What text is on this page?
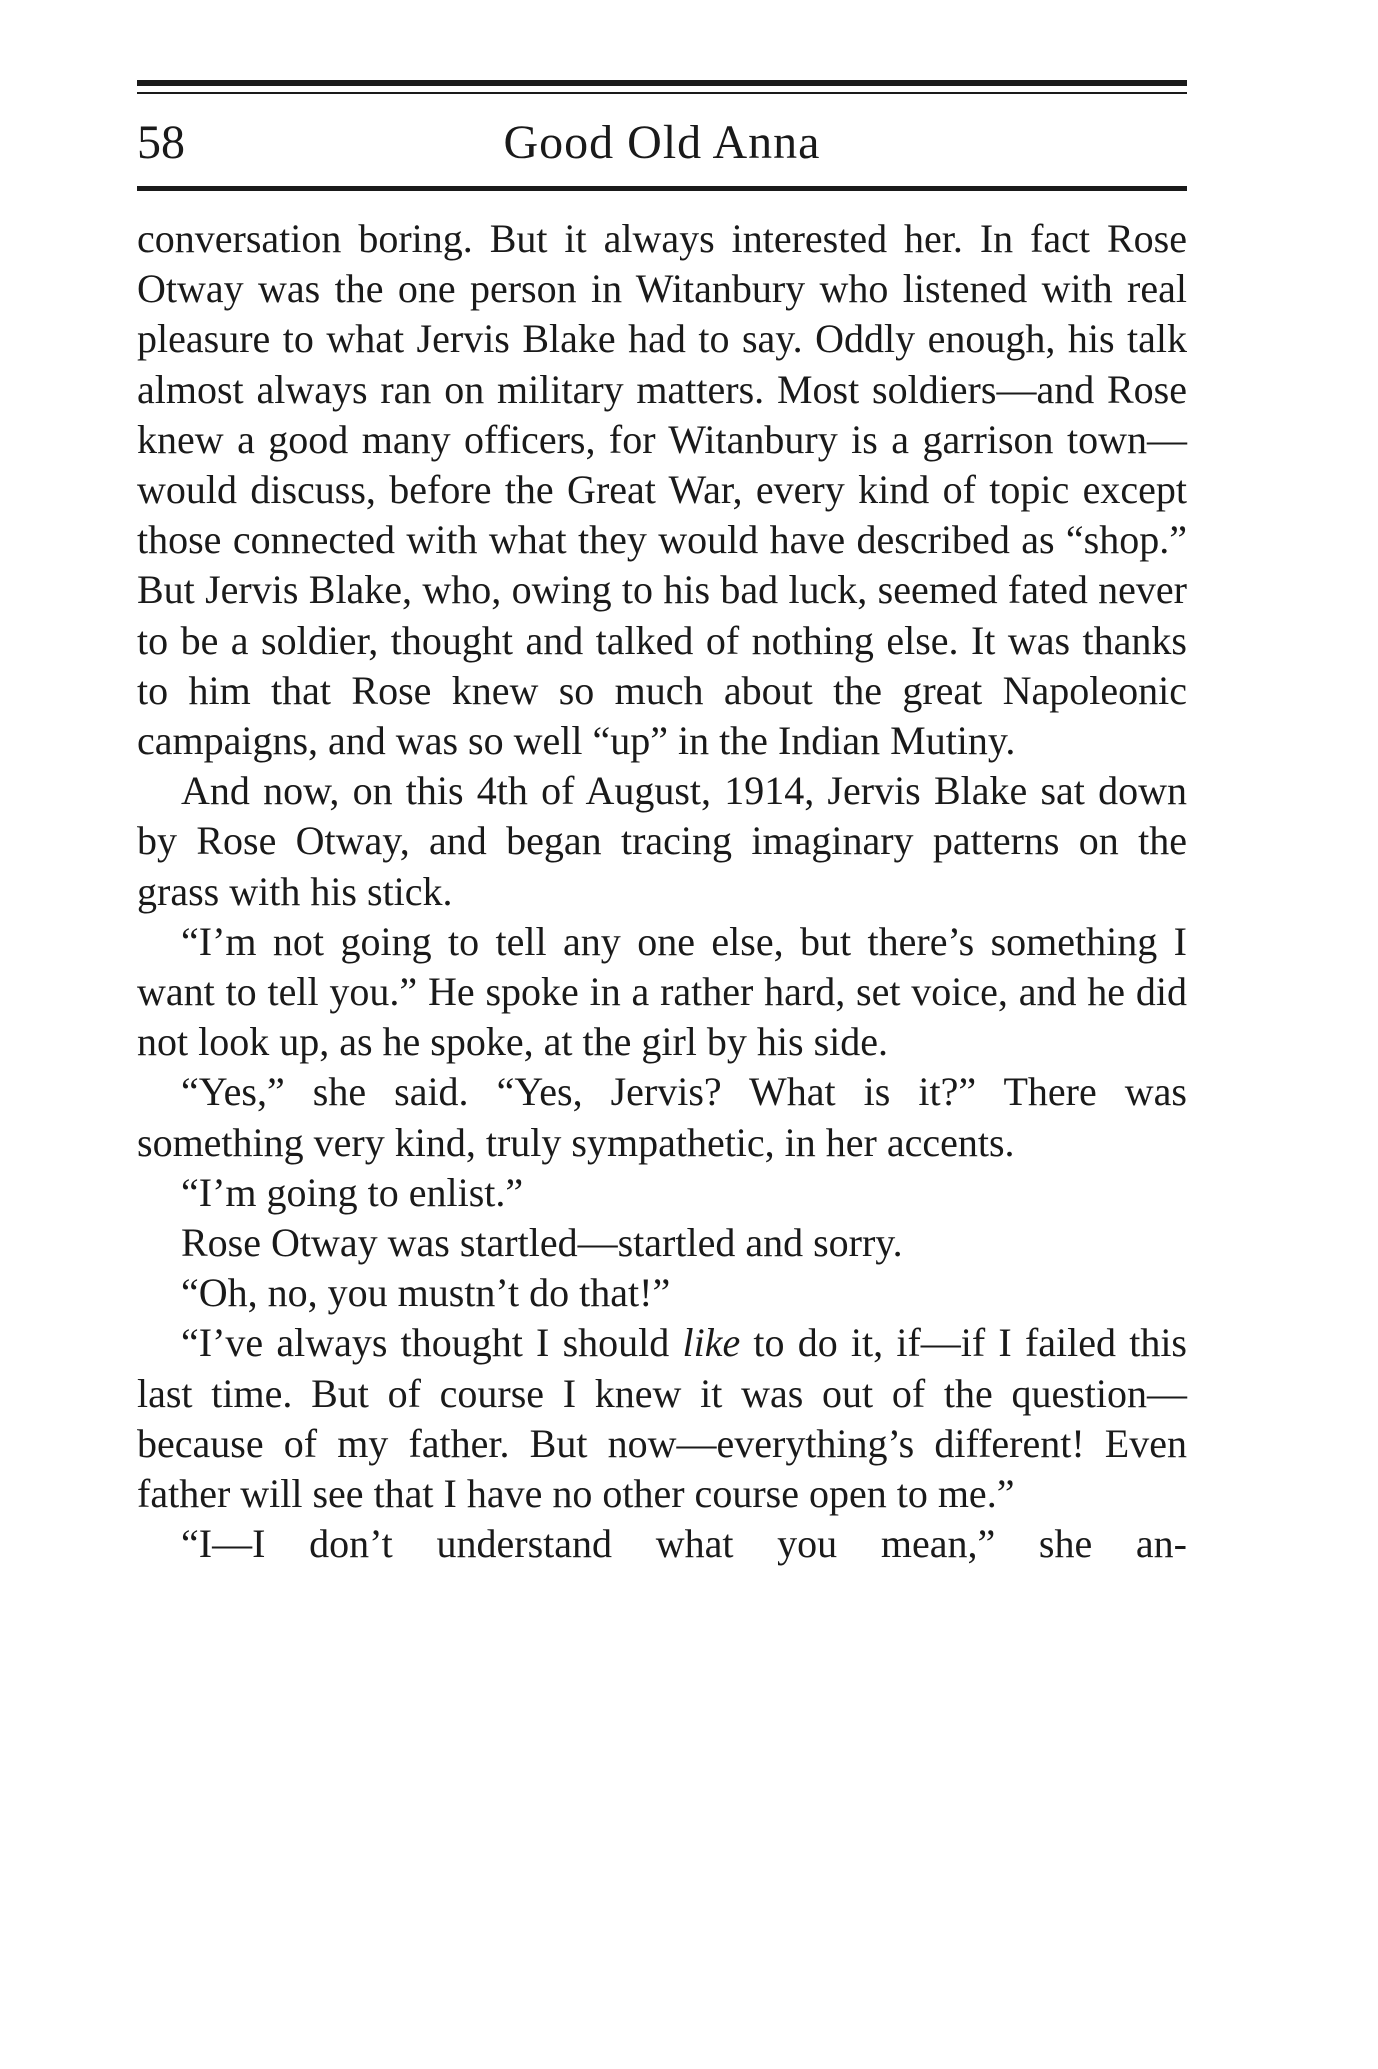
58	Good Old Anna

conversation boring. But it always interested her. In fact Rose Otway was the one person in Witanbury who listened with real pleasure to what Jervis Blake had to say. Oddly enough, his talk almost always ran on military matters. Most soldiers—and Rose knew a good many officers, for Witanbury is a garrison town—would discuss, before the Great War, every kind of topic except those connected with what they would have described as “shop.” But Jervis Blake, who, owing to his bad luck, seemed fated never to be a soldier, thought and talked of nothing else. It was thanks to him that Rose knew so much about the great Napoleonic campaigns, and was so well “up” in the Indian Mutiny.

And now, on this 4th of August, 1914, Jervis Blake sat down by Rose Otway, and began tracing imaginary patterns on the grass with his stick.

“I’m not going to tell any one else, but there’s something I want to tell you.” He spoke in a rather hard, set voice, and he did not look up, as he spoke, at the girl by his side.

“Yes,” she said. “Yes, Jervis? What is it?” There was something very kind, truly sympathetic, in her accents.

“I’m going to enlist.”

Rose Otway was startled—startled and sorry.

“Oh, no, you mustn’t do that!”

“I’ve always thought I should like to do it, if—if I failed this last time. But of course I knew it was out of the question—because of my father. But now—everything’s different! Even father will see that I have no other course open to me.”

“I—I don’t understand what you mean,” she an-
